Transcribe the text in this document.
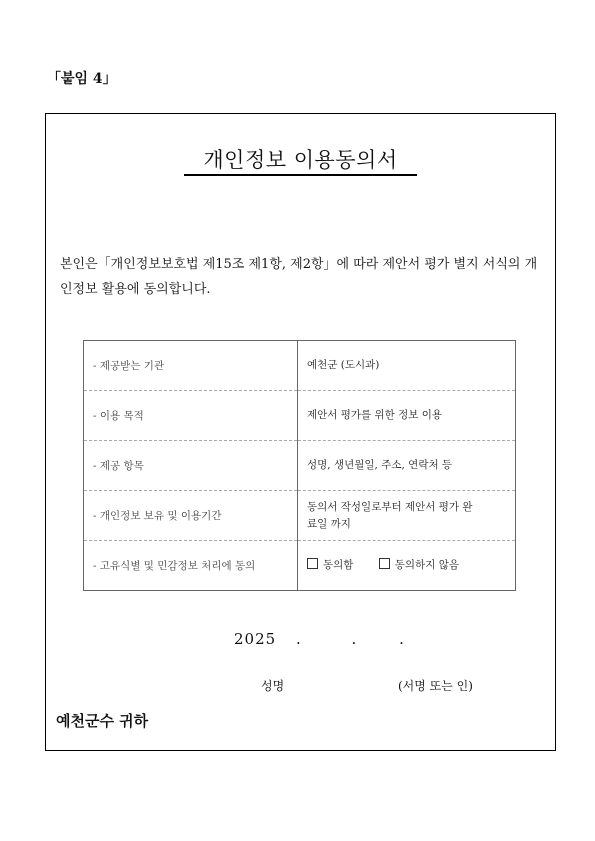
「붙임 4」
개인정보 이용동의서
본인은「개인정보보호법 제15조 제1항, 제2항」에 따라 제안서 평가 별지 서식의 개인정보 활용에 동의합니다.
- 제공받는 기관	예천군 (도시과)
- 이용 목적	제안서 평가를 위한 정보 이용
- 제공 항목	성명, 생년월일, 주소, 연락처 등
- 개인정보 보유 및 이용기간	동의서 작성일로부터 제안서 평가 완료일 까지
- 고유식별 및 민감정보 처리에 동의	동의함 동의하지 않음
2025 .	.	.
성명	(서명 또는 인)
예천군수 귀하
